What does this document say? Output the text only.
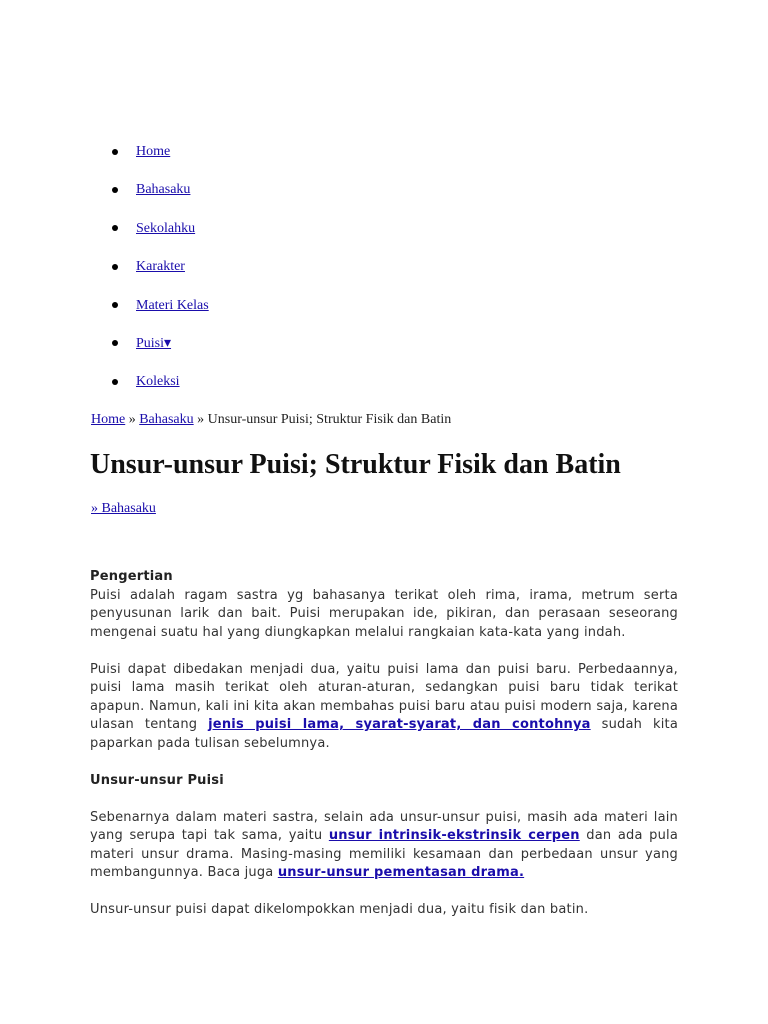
Home
Bahasaku
Sekolahku
Karakter
Materi Kelas
Puisi▾
Koleksi
Home » Bahasaku » Unsur-unsur Puisi; Struktur Fisik dan Batin
Unsur-unsur Puisi; Struktur Fisik dan Batin
» Bahasaku

Pengertian
Puisi adalah ragam sastra yg bahasanya terikat oleh rima, irama, metrum serta penyusunan larik dan bait. Puisi merupakan ide, pikiran, dan perasaan seseorang mengenai suatu hal yang diungkapkan melalui rangkaian kata-kata yang indah.

Puisi dapat dibedakan menjadi dua, yaitu puisi lama dan puisi baru. Perbedaannya, puisi lama masih terikat oleh aturan-aturan, sedangkan puisi baru tidak terikat apapun. Namun, kali ini kita akan membahas puisi baru atau puisi modern saja, karena ulasan tentang jenis puisi lama, syarat-syarat, dan contohnya sudah kita paparkan pada tulisan sebelumnya.

Unsur-unsur Puisi

Sebenarnya dalam materi sastra, selain ada unsur-unsur puisi, masih ada materi lain yang serupa tapi tak sama, yaitu unsur intrinsik-ekstrinsik cerpen dan ada pula materi unsur drama. Masing-masing memiliki kesamaan dan perbedaan unsur yang membangunnya. Baca juga unsur-unsur pementasan drama.

Unsur-unsur puisi dapat dikelompokkan menjadi dua, yaitu fisik dan batin.
